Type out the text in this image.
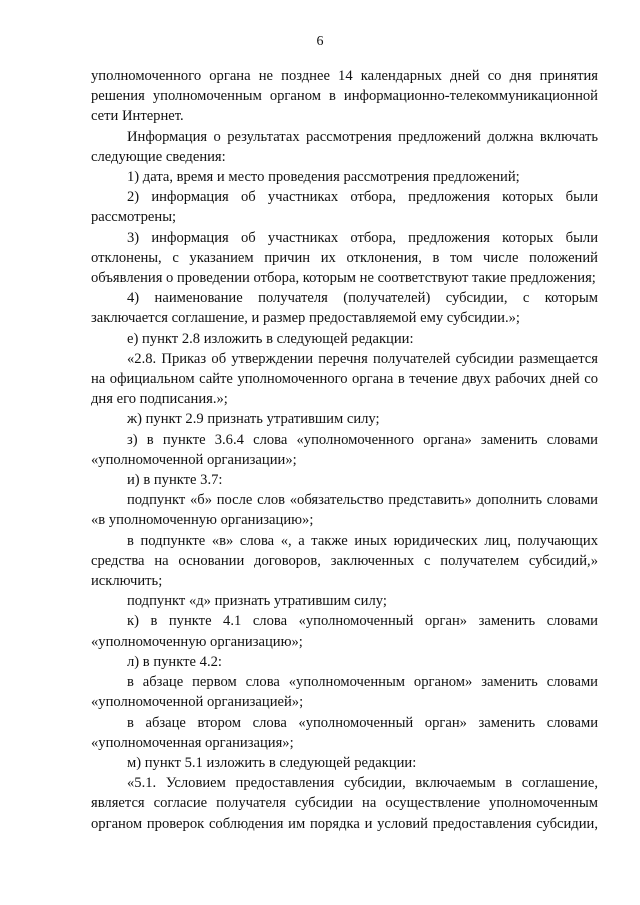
6

уполномоченного органа не позднее 14 календарных дней со дня принятия решения уполномоченным органом в информационно-телекоммуникационной сети Интернет.

Информация о результатах рассмотрения предложений должна включать следующие сведения:

1) дата, время и место проведения рассмотрения предложений;

2) информация об участниках отбора, предложения которых были рассмотрены;

3) информация об участниках отбора, предложения которых были отклонены, с указанием причин их отклонения, в том числе положений объявления о проведении отбора, которым не соответствуют такие предложения;

4) наименование получателя (получателей) субсидии, с которым заключается соглашение, и размер предоставляемой ему субсидии.»;

е) пункт 2.8 изложить в следующей редакции:

«2.8. Приказ об утверждении перечня получателей субсидии размещается на официальном сайте уполномоченного органа в течение двух рабочих дней со дня его подписания.»;

ж) пункт 2.9 признать утратившим силу;

з) в пункте 3.6.4 слова «уполномоченного органа» заменить словами «уполномоченной организации»;

и) в пункте 3.7:

подпункт «б» после слов «обязательство представить» дополнить словами «в уполномоченную организацию»;

в подпункте «в» слова «, а также иных юридических лиц, получающих средства на основании договоров, заключенных с получателем субсидий,» исключить;

подпункт «д» признать утратившим силу;

к) в пункте 4.1 слова «уполномоченный орган» заменить словами «уполномоченную организацию»;

л) в пункте 4.2:

в абзаце первом слова «уполномоченным органом» заменить словами «уполномоченной организацией»;

в абзаце втором слова «уполномоченный орган» заменить словами «уполномоченная организация»;

м) пункт 5.1 изложить в следующей редакции:

«5.1. Условием предоставления субсидии, включаемым в соглашение, является согласие получателя субсидии на осуществление уполномоченным органом проверок соблюдения им порядка и условий предоставления субсидии,
